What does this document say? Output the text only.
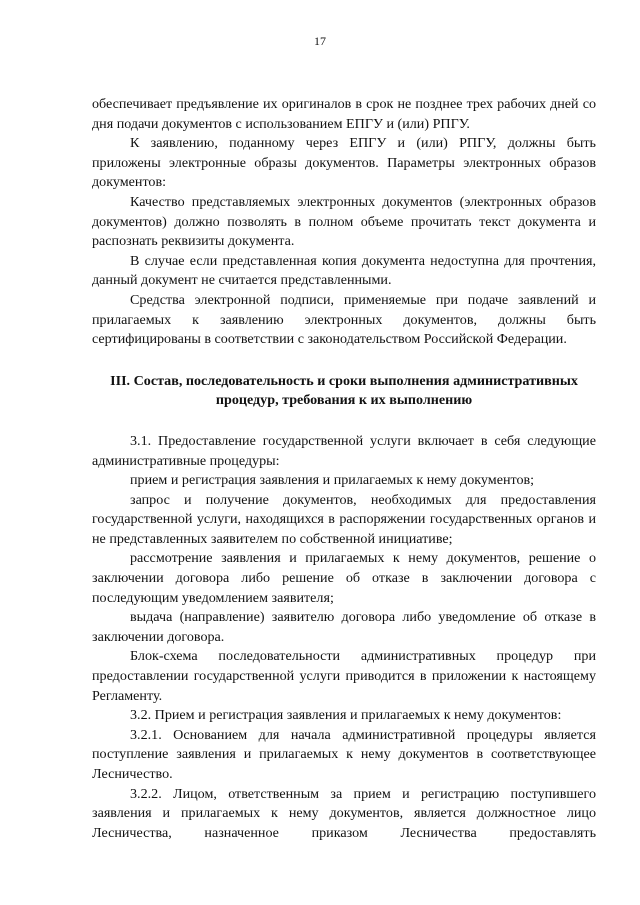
17

обеспечивает предъявление их оригиналов в срок не позднее трех рабочих дней со дня подачи документов с использованием ЕПГУ и (или) РПГУ.

К заявлению, поданному через ЕПГУ и (или) РПГУ, должны быть приложены электронные образы документов. Параметры электронных образов документов:

Качество представляемых электронных документов (электронных образов документов) должно позволять в полном объеме прочитать текст документа и распознать реквизиты документа.

В случае если представленная копия документа недоступна для прочтения, данный документ не считается представленными.

Средства электронной подписи, применяемые при подаче заявлений и прилагаемых к заявлению электронных документов, должны быть сертифицированы в соответствии с законодательством Российской Федерации.

III. Состав, последовательность и сроки выполнения административных процедур, требования к их выполнению

3.1. Предоставление государственной услуги включает в себя следующие административные процедуры:

прием и регистрация заявления и прилагаемых к нему документов;

запрос и получение документов, необходимых для предоставления государственной услуги, находящихся в распоряжении государственных органов и не представленных заявителем по собственной инициативе;

рассмотрение заявления и прилагаемых к нему документов, решение о заключении договора либо решение об отказе в заключении договора с последующим уведомлением заявителя;

выдача (направление) заявителю договора либо уведомление об отказе в заключении договора.

Блок-схема последовательности административных процедур при предоставлении государственной услуги приводится в приложении к настоящему Регламенту.

3.2. Прием и регистрация заявления и прилагаемых к нему документов:

3.2.1. Основанием для начала административной процедуры является поступление заявления и прилагаемых к нему документов в соответствующее Лесничество.

3.2.2. Лицом, ответственным за прием и регистрацию поступившего заявления и прилагаемых к нему документов, является должностное лицо Лесничества, назначенное приказом Лесничества предоставлять
